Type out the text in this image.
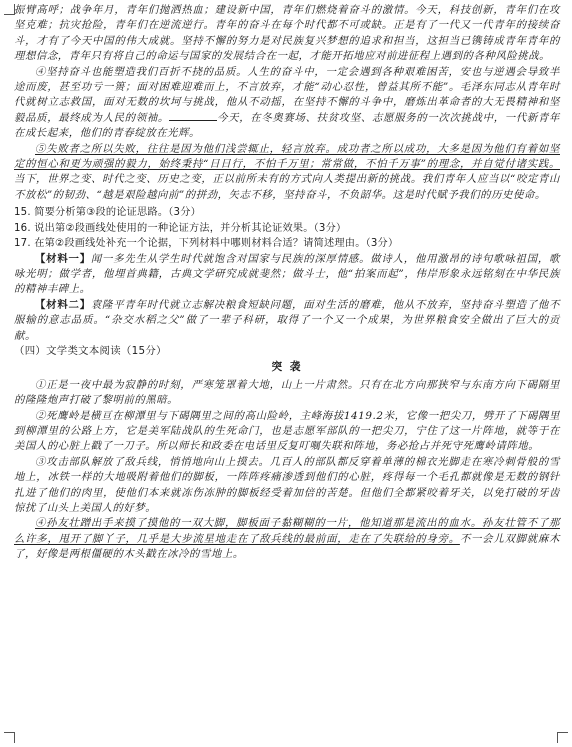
振臂高呼；战争年月，青年们抛洒热血；建设新中国，青年们燃烧着奋斗的激情。今天，科技创新，青年们在攻坚克难；抗灾抢险，青年们在逆流逆行。青年的奋斗在每个时代都不可或缺。正是有了一代又一代青年的接续奋斗，才有了今天中国的伟大成就。坚持不懈的努力是对民族复兴梦想的追求和担当，这担当已镌铸成青年青年的理想信念，青年只有将自己的命运与国家的发展结合在一起，才能开拓地应对前进征程上遇到的各种风险挑战。

④坚持奋斗也能塑造我们百折不挠的品质。人生的奋斗中，一定会遇到各种艰难困苦，安也与逆遇会导致半途而废，甚至功亏一篑；面对困难迎难而上，不言放弃，才能“动心忍性，曾益其所不能”。毛泽东同志从青年时代就树立志救国，面对无数的坎坷与挑战，他从不动摇，在坚持不懈的斗争中，磨炼出革命者的大无畏精神和坚毅品质，最终成为人民的领袖。	今天，在冬奥赛场、扶贫攻坚、志愿服务的一次次挑战中，一代新青年在成长起来，他们的青春绽放在光辉。

⑤失败者之所以失败，往往是因为他们浅尝辄止，轻言放弃。成功者之所以成功，大多是因为他们有着如坚定的恒心和更为顽强的毅力，始终秉持“日日行，不怕千万里；常常做，不怕千万事”的理念，并自觉付诸实践。当下，世界之变、时代之变、历史之变，正以前所未有的方式向人类提出新的挑战。我们青年人应当以“咬定青山不放松”的韧劲、“越是艰险越向前”的拼劲，矢志不移，坚持奋斗，不负韶华。这是时代赋予我们的历史使命。

15. 简要分析第③段的论证思路。（3分）

16. 说出第②段画线处使用的一种论证方法，并分析其论证效果。（3分）

17. 在第②段画线处补充一个论据，下列材料中哪则材料合适？请简述理由。（3分）

【材料一】闻一多先生从学生时代就饱含对国家与民族的深厚情感。做诗人，他用激昂的诗句歌咏祖国，歌咏光明；做学者，他埋首典籍，古典文学研究成就斐然；做斗士，他“拍案而起”，伟岸形象永远铭刻在中华民族的精神丰碑上。

【材料二】袁隆平青年时代就立志解决粮食短缺问题，面对生活的磨难，他从不放弃，坚持奋斗塑造了他不服输的意志品质。“杂交水稻之父”做了一辈子科研，取得了一个又一个成果，为世界粮食安全做出了巨大的贡献。

（四）文学类文本阅读（15分）

突 袭

①正是一夜中最为寂静的时刻，严寒笼罩着大地，山上一片肃然。只有在北方向那狭窄与东南方向下碣隔里的隆隆炮声打破了黎明前的黑暗。

②死鹰岭是横亘在柳潭里与下碣隅里之间的高山险岭，主峰海拔1419.2米，它像一把尖刀，劈开了下碣隅里到柳潭里的公路上方，它是美军陆战队的生死命门，也是志愿军部队的一把尖刀，宁住了这一片阵地，就等于在美国人的心脏上戳了一刀子。所以师长和政委在电话里反复叮嘱失联和阵地，务必抢占并死守死鹰岭请阵地。

③攻击部队解放了敌兵线，悄悄地向山上摸去。几百人的部队都反穿着单薄的棉衣光脚走在寒冷刺骨般的雪地上，冰铁一样的大地吸附着他们的脚板，一阵阵疼痛渗透到他们的心脏，疼得每一个毛孔都就像是无数的钢针扎进了他们的肉里，使他们本来就冻伤冻肿的脚板经受着加倍的苦楚。但他们全都紧咬着牙关，以免打破的牙齿惊扰了山头上美国人的好梦。

④孙友壮蹭出手来摸了摸他的一双大脚，脚板面子黏糊糊的一片，他知道那是流出的血水。孙友壮管不了那么许多，甩开了脚丫子，几乎是大步流星地走在了敌兵线的最前面，走在了失联给的身旁。不一会儿双脚就麻木了，好像是两根僵硬的木头戳在冰冷的雪地上。
